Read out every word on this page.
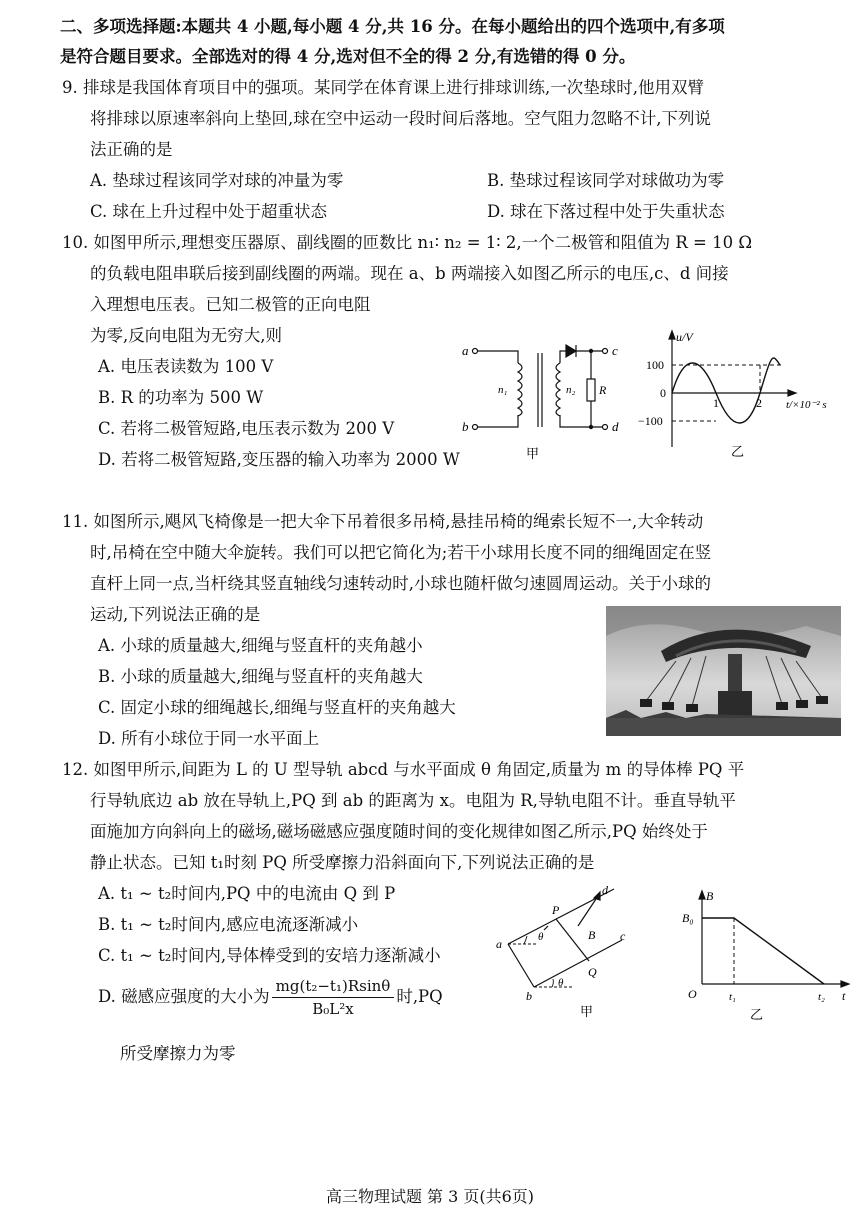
二、多项选择题:本题共 4 小题,每小题 4 分,共 16 分。在每小题给出的四个选项中,有多项
是符合题目要求。全部选对的得 4 分,选对但不全的得 2 分,有选错的得 0 分。
9. 排球是我国体育项目中的强项。某同学在体育课上进行排球训练,一次垫球时,他用双臂
将排球以原速率斜向上垫回,球在空中运动一段时间后落地。空气阻力忽略不计,下列说
法正确的是
A. 垫球过程该同学对球的冲量为零	B. 垫球过程该同学对球做功为零
C. 球在上升过程中处于超重状态	D. 球在下落过程中处于失重状态
10. 如图甲所示,理想变压器原、副线圈的匝数比 n₁∶ n₂ = 1∶ 2,一个二极管和阻值为 R = 10 Ω
的负载电阻串联后接到副线圈的两端。现在 a、b 两端接入如图乙所示的电压,c、d 间接
入理想电压表。已知二极管的正向电阻
为零,反向电阻为无穷大,则
A. 电压表读数为 100 V
B. R 的功率为 500 W
C. 若将二极管短路,电压表示数为 200 V
D. 若将二极管短路,变压器的输入功率为 2000 W
a
b
c
d
n₁	n₂ R
甲
u/V
100
0
−100
1	2 t/×10⁻² s
乙
11. 如图所示,飓风飞椅像是一把大伞下吊着很多吊椅,悬挂吊椅的绳索长短不一,大伞转动
时,吊椅在空中随大伞旋转。我们可以把它简化为;若干小球用长度不同的细绳固定在竖
直杆上同一点,当杆绕其竖直轴线匀速转动时,小球也随杆做匀速圆周运动。关于小球的
运动,下列说法正确的是
A. 小球的质量越大,细绳与竖直杆的夹角越小
B. 小球的质量越大,细绳与竖直杆的夹角越大
C. 固定小球的细绳越长,细绳与竖直杆的夹角越大
D. 所有小球位于同一水平面上
12. 如图甲所示,间距为 L 的 U 型导轨 abcd 与水平面成 θ 角固定,质量为 m 的导体棒 PQ 平
行导轨底边 ab 放在导轨上,PQ 到 ab 的距离为 x。电阻为 R,导轨电阻不计。垂直导轨平
面施加方向斜向上的磁场,磁场磁感应强度随时间的变化规律如图乙所示,PQ 始终处于
静止状态。已知 t₁时刻 PQ 所受摩擦力沿斜面向下,下列说法正确的是
A. t₁ ~ t₂时间内,PQ 中的电流由 Q 到 P
B. t₁ ~ t₂时间内,感应电流逐渐减小
C. t₁ ~ t₂时间内,导体棒受到的安培力逐渐减小
D. 磁感应强度的大小为 $\frac{\text{mg(t₂−t₁)Rsinθ}}{\text{B₀L²x}}$ 时,PQ
所受摩擦力为零
a
b
c
d
P
Q
B
θ
θ
甲
B
B₀
O	t₁	t₂ t
乙
高三物理试题 第 3 页(共6页)
